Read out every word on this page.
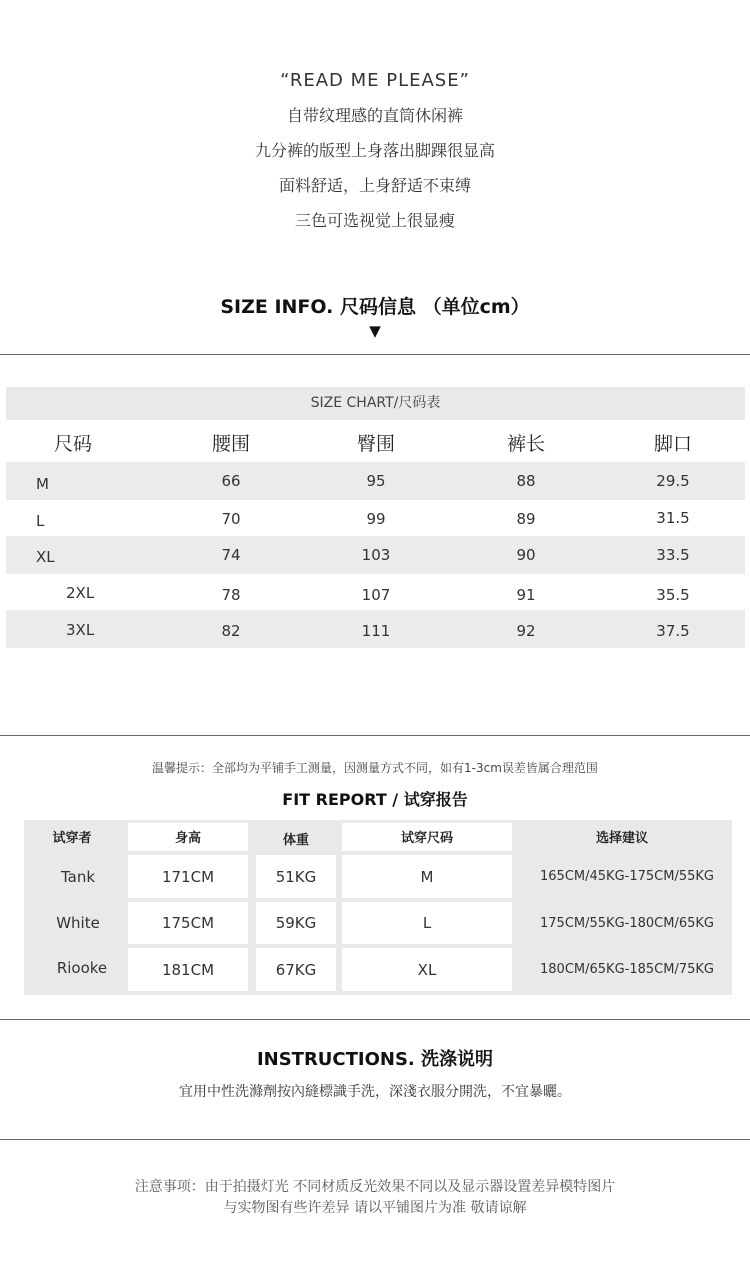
“READ ME PLEASE”
自带纹理感的直筒休闲裤
九分裤的版型上身落出脚踝很显高
面料舒适，上身舒适不束缚
三色可选视觉上很显瘦
SIZE INFO. 尺码信息 （单位cm）
▼
SIZE CHART/尺码表
尺码	腰围	臀围	裤长	脚口
M	66	95	88	29.5
L	70	99	89	31.5
XL	74	103	90	33.5
2XL	78	107	91	35.5
3XL	82	111	92	37.5
温馨提示：全部均为平铺手工测量，因测量方式不同，如有1-3cm误差皆属合理范围
FIT REPORT / 试穿报告
试穿者	身高	体重	试穿尺码	选择建议
Tank	171CM	51KG	M	165CM/45KG-175CM/55KG
White	175CM	59KG	L	175CM/55KG-180CM/65KG
Riooke	181CM	67KG	XL	180CM/65KG-185CM/75KG
INSTRUCTIONS. 洗涤说明
宜用中性洗滌劑按內縫標識手洗，深淺衣服分開洗，不宜暴曬。
注意事项：由于拍摄灯光 不同材质反光效果不同以及显示器设置差异模特图片
与实物图有些许差异 请以平铺图片为准 敬请谅解
